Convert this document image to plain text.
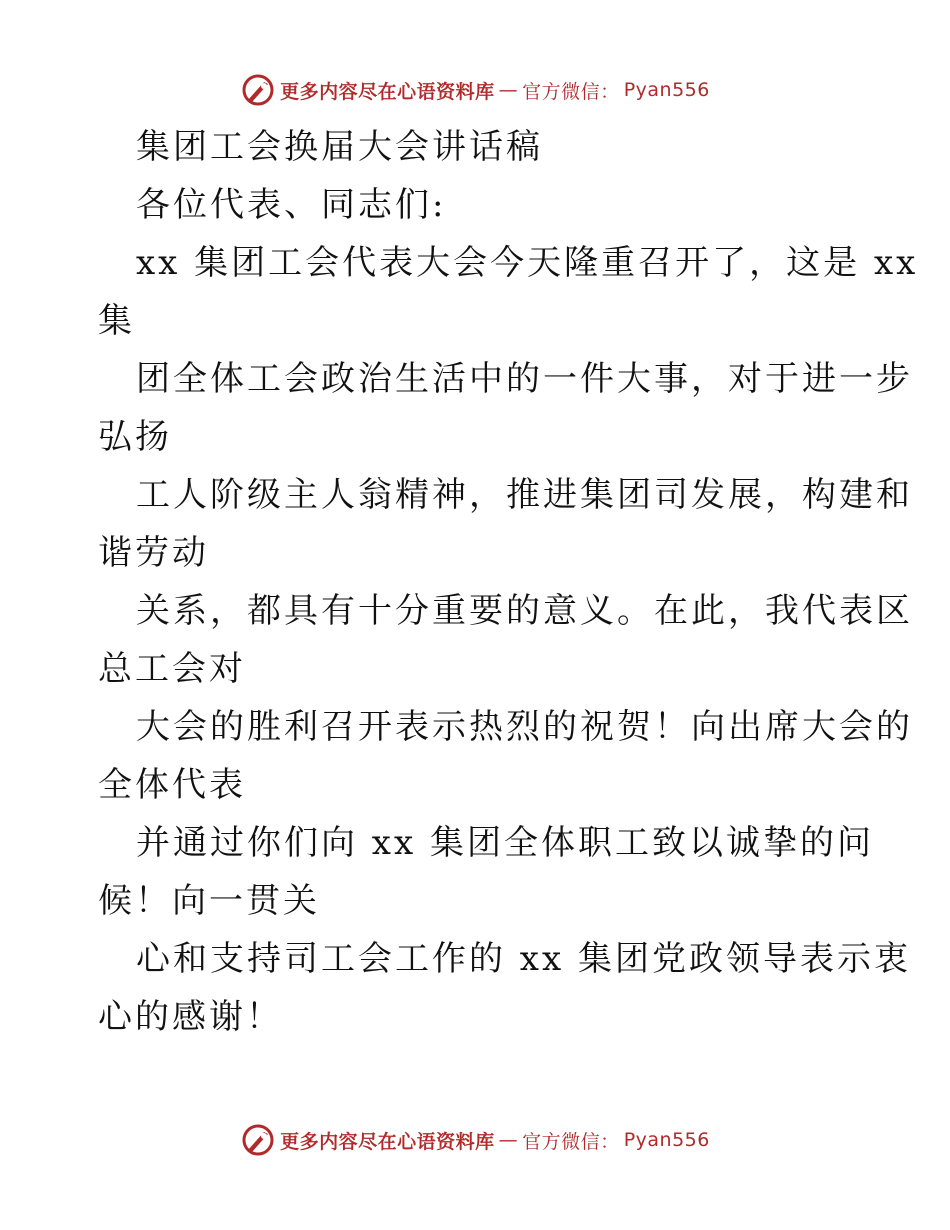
更多内容尽在心语资料库 — 官方微信： Pyan556
集团工会换届大会讲话稿
各位代表、同志们:
xx 集团工会代表大会今天隆重召开了，这是 xx
集
团全体工会政治生活中的一件大事，对于进一步
弘扬
工人阶级主人翁精神，推进集团司发展，构建和
谐劳动
关系，都具有十分重要的意义。在此，我代表区
总工会对
大会的胜利召开表示热烈的祝贺！向出席大会的
全体代表
并通过你们向 xx 集团全体职工致以诚挚的问
候！向一贯关
心和支持司工会工作的 xx 集团党政领导表示衷
心的感谢！
更多内容尽在心语资料库 — 官方微信： Pyan556
